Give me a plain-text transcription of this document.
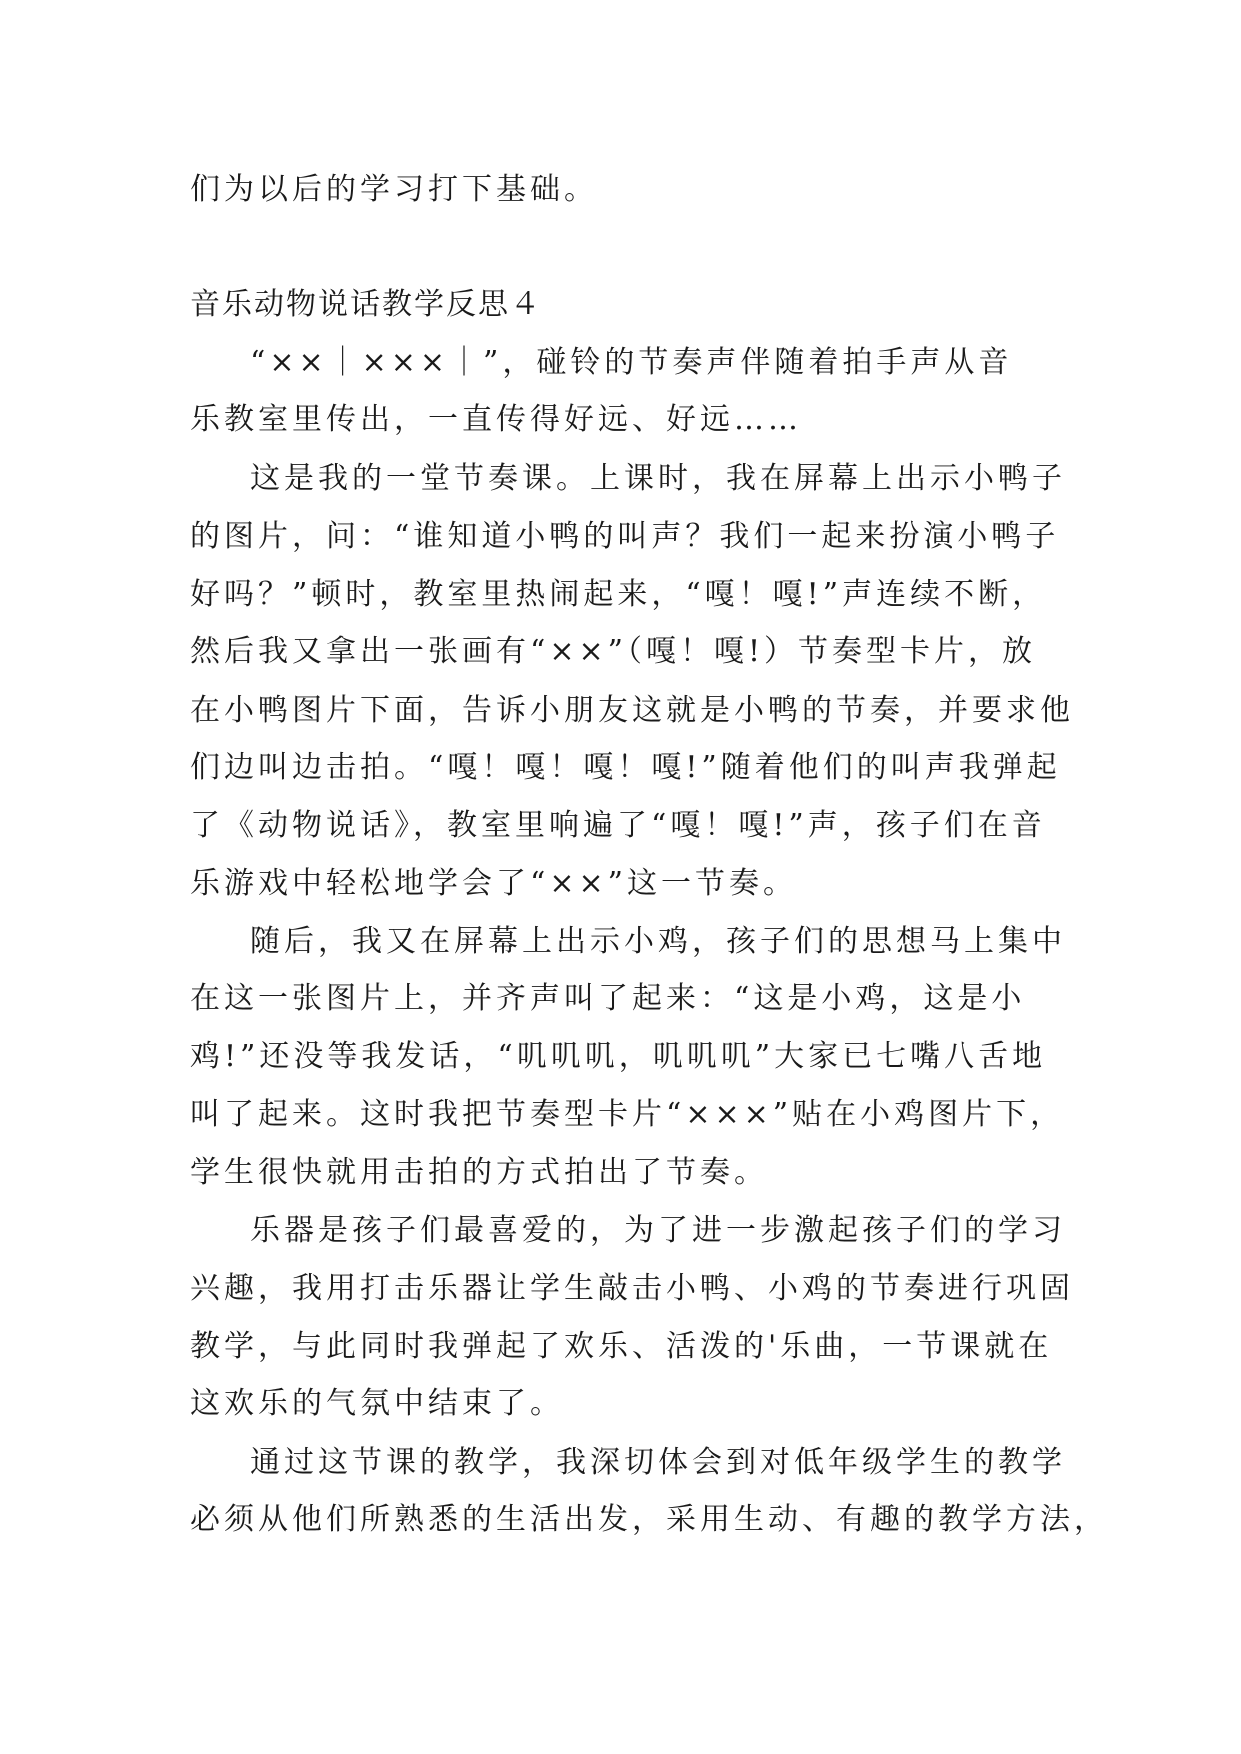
们为以后的学习打下基础。
音乐动物说话教学反思４
“××｜×××｜”，碰铃的节奏声伴随着拍手声从音
乐教室里传出，一直传得好远、好远……
这是我的一堂节奏课。上课时，我在屏幕上出示小鸭子
的图片，问：“谁知道小鸭的叫声？我们一起来扮演小鸭子
好吗？”顿时，教室里热闹起来，“嘎！嘎!”声连续不断，
然后我又拿出一张画有“××”（嘎！嘎!）节奏型卡片，放
在小鸭图片下面，告诉小朋友这就是小鸭的节奏，并要求他
们边叫边击拍。“嘎！嘎！嘎！嘎!”随着他们的叫声我弹起
了《动物说话》，教室里响遍了“嘎！嘎!”声，孩子们在音
乐游戏中轻松地学会了“××”这一节奏。
随后，我又在屏幕上出示小鸡，孩子们的思想马上集中
在这一张图片上，并齐声叫了起来：“这是小鸡，这是小
鸡!”还没等我发话，“叽叽叽，叽叽叽”大家已七嘴八舌地
叫了起来。这时我把节奏型卡片“×××”贴在小鸡图片下，
学生很快就用击拍的方式拍出了节奏。
乐器是孩子们最喜爱的，为了进一步激起孩子们的学习
兴趣，我用打击乐器让学生敲击小鸭、小鸡的节奏进行巩固
教学，与此同时我弹起了欢乐、活泼的'乐曲，一节课就在
这欢乐的气氛中结束了。
通过这节课的教学，我深切体会到对低年级学生的教学
必须从他们所熟悉的生活出发，采用生动、有趣的教学方法，
